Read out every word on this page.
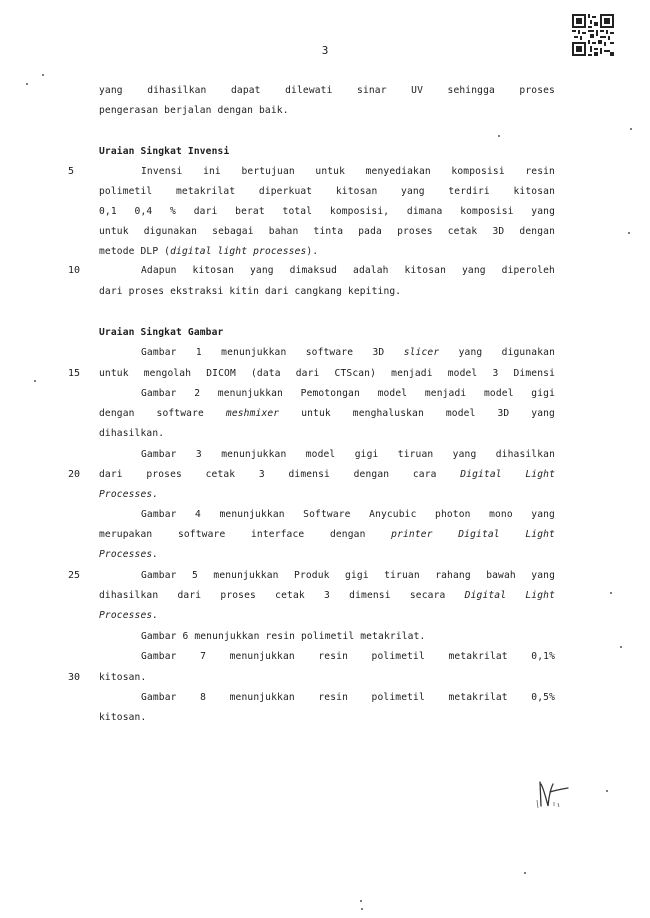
3
5
10
15
20
25
30
yang dihasilkan dapat dilewati sinar UV sehingga proses
pengerasan berjalan dengan baik.
Uraian Singkat Invensi
Invensi ini bertujuan untuk menyediakan komposisi resin
polimetil metakrilat diperkuat kitosan yang terdiri kitosan
0,1 0,4 % dari berat total komposisi, dimana komposisi yang
untuk digunakan sebagai bahan tinta pada proses cetak 3D dengan
metode DLP (digital light processes).
Adapun kitosan yang dimaksud adalah kitosan yang diperoleh
dari proses ekstraksi kitin dari cangkang kepiting.
Uraian Singkat Gambar
Gambar 1 menunjukkan software 3D slicer yang digunakan
untuk mengolah DICOM (data dari CTScan) menjadi model 3 Dimensi
Gambar 2 menunjukkan Pemotongan model menjadi model gigi
dengan software meshmixer untuk menghaluskan model 3D yang
dihasilkan.
Gambar 3 menunjukkan model gigi tiruan yang dihasilkan
dari proses cetak 3 dimensi dengan cara Digital Light
Processes.
Gambar 4 menunjukkan Software Anycubic photon mono yang
merupakan software interface dengan printer Digital Light
Processes.
Gambar 5 menunjukkan Produk gigi tiruan rahang bawah yang
dihasilkan dari proses cetak 3 dimensi secara Digital Light
Processes.
Gambar 6 menunjukkan resin polimetil metakrilat.
Gambar 7 menunjukkan resin polimetil metakrilat 0,1%
kitosan.
Gambar 8 menunjukkan resin polimetil metakrilat 0,5%
kitosan.
